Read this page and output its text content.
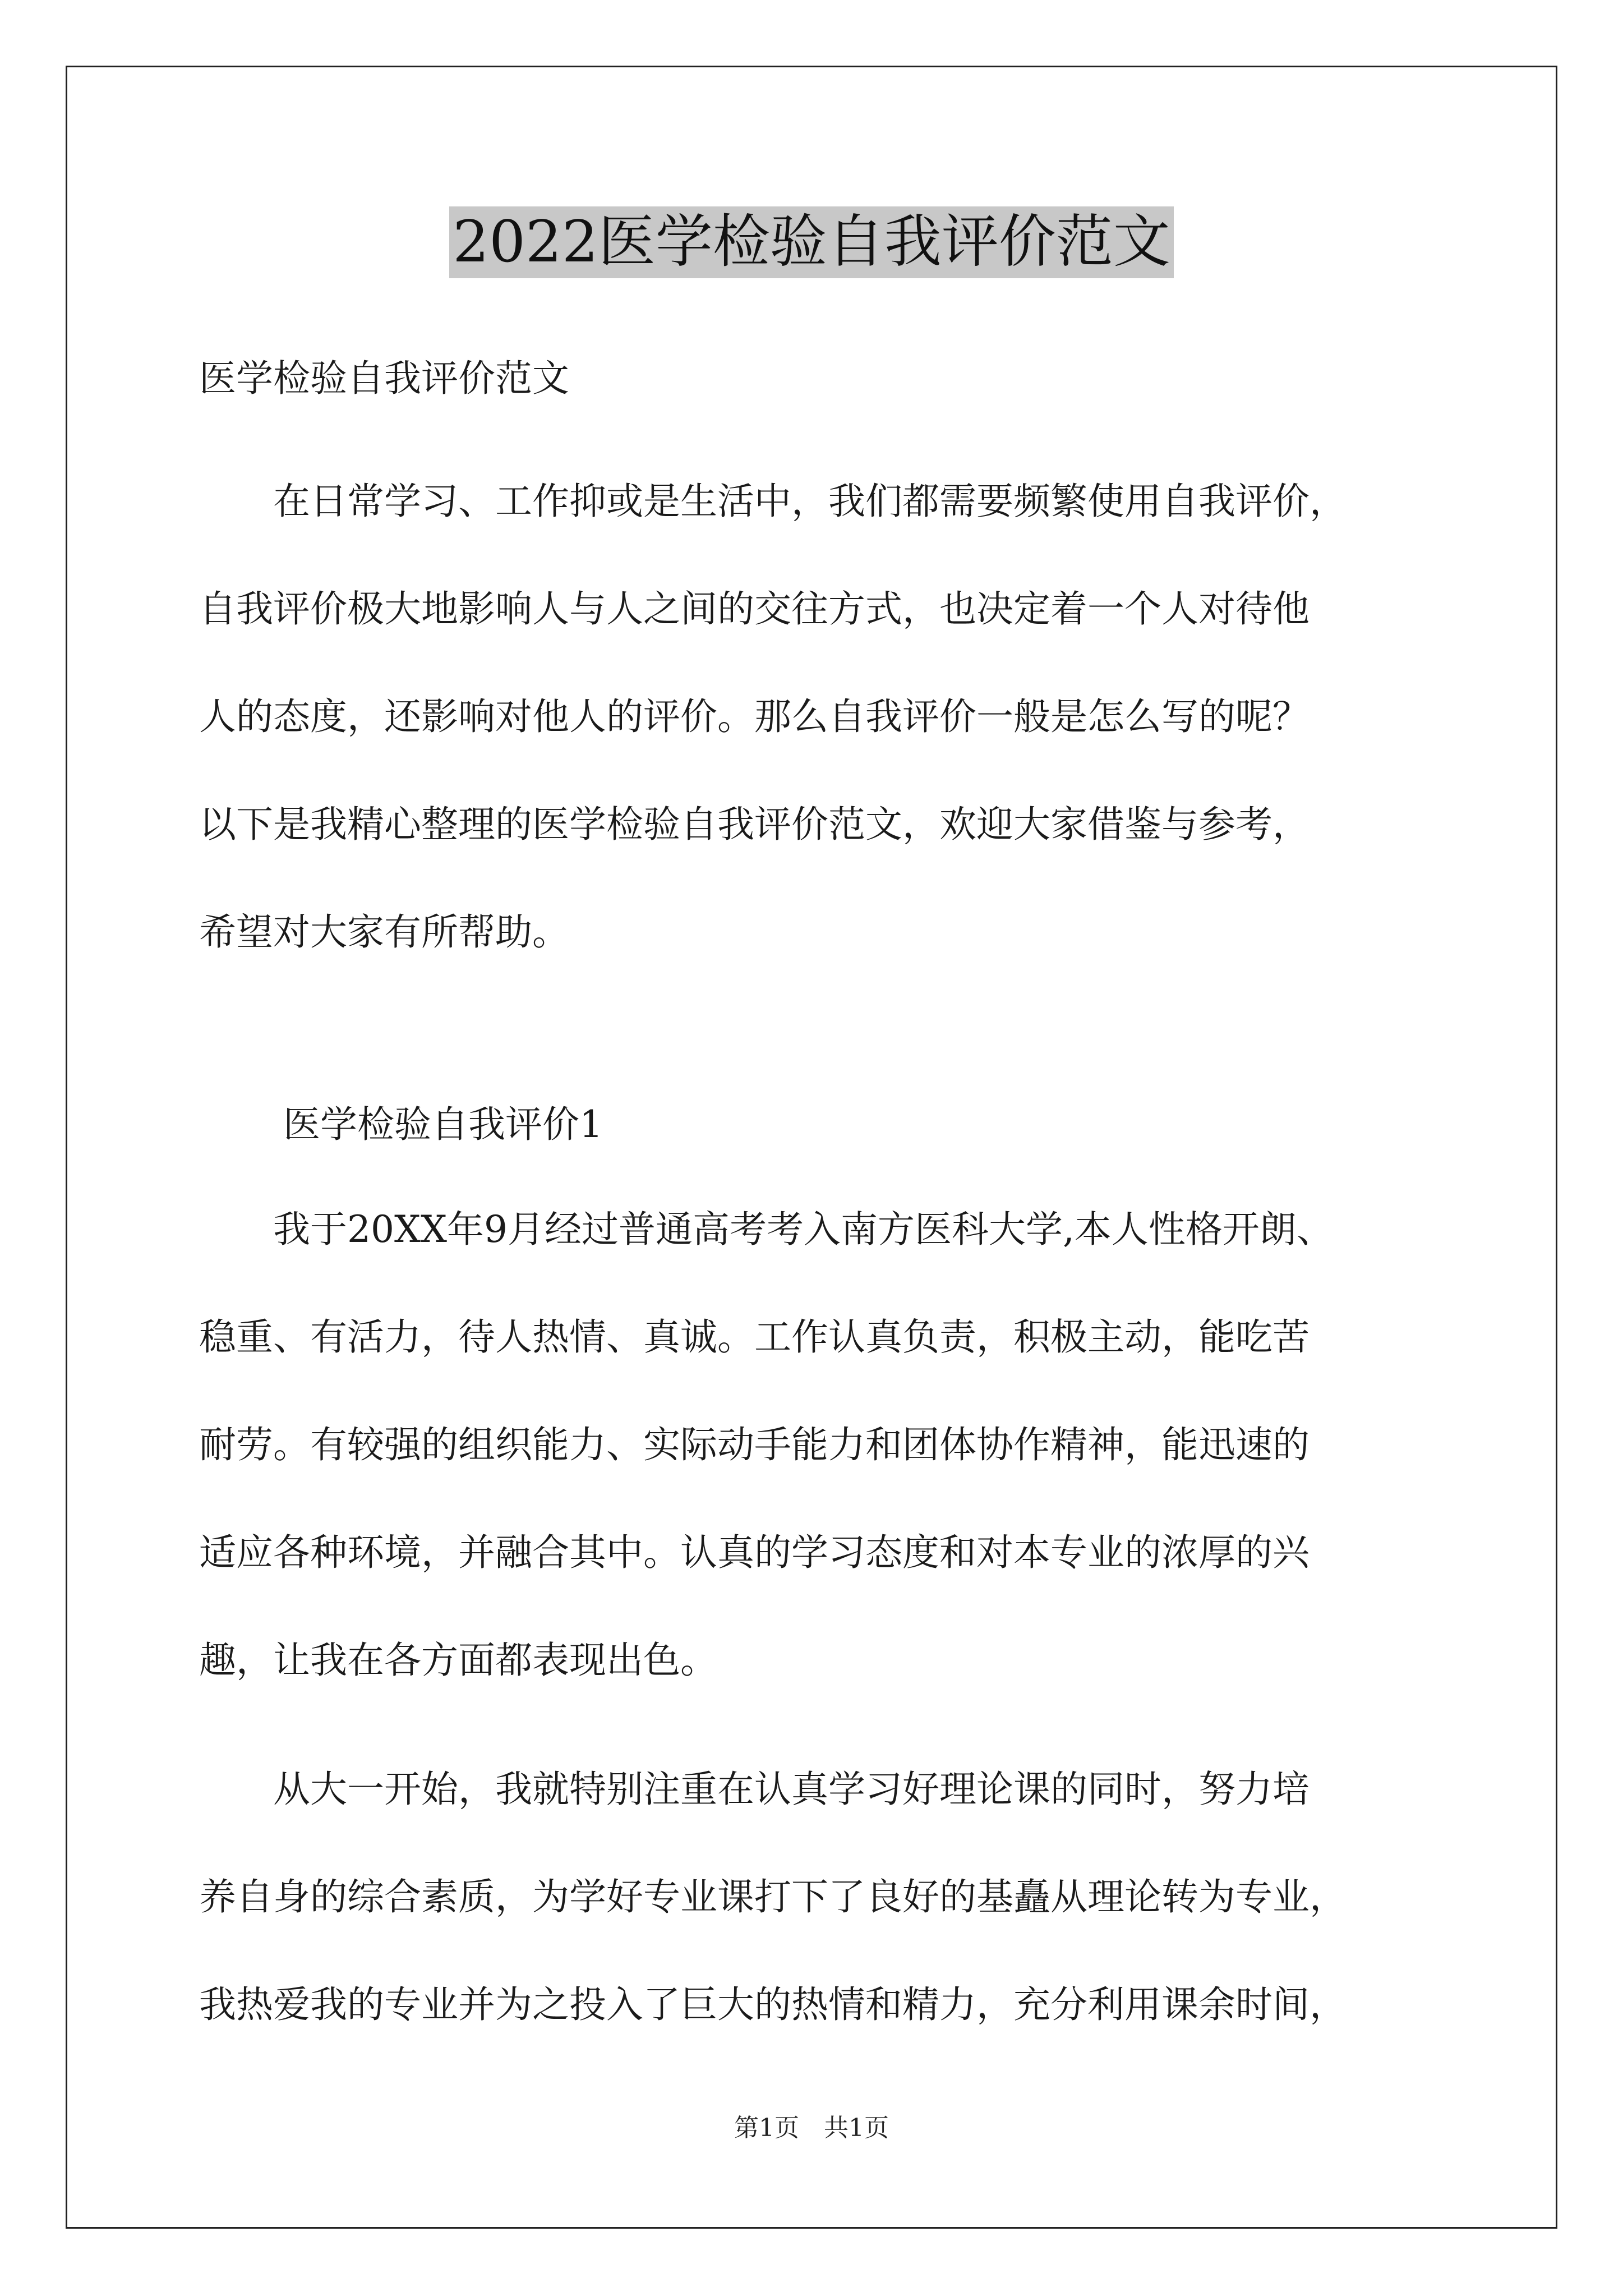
2022医学检验自我评价范文
医学检验自我评价范文
　　在日常学习、工作抑或是生活中，我们都需要频繁使用自我评价，
自我评价极大地影响人与人之间的交往方式，也决定着一个人对待他
人的态度，还影响对他人的评价。那么自我评价一般是怎么写的呢？
以下是我精心整理的医学检验自我评价范文，欢迎大家借鉴与参考，
希望对大家有所帮助。
医学检验自我评价1
　　我于20XX年9月经过普通高考考入南方医科大学,本人性格开朗、
稳重、有活力，待人热情、真诚。工作认真负责，积极主动，能吃苦
耐劳。有较强的组织能力、实际动手能力和团体协作精神，能迅速的
适应各种环境，并融合其中。认真的学习态度和对本专业的浓厚的兴
趣，让我在各方面都表现出色。
　　从大一开始，我就特别注重在认真学习好理论课的同时，努力培
养自身的综合素质，为学好专业课打下了良好的基矗从理论转为专业，
我热爱我的专业并为之投入了巨大的热情和精力，充分利用课余时间，
第1页　共1页
